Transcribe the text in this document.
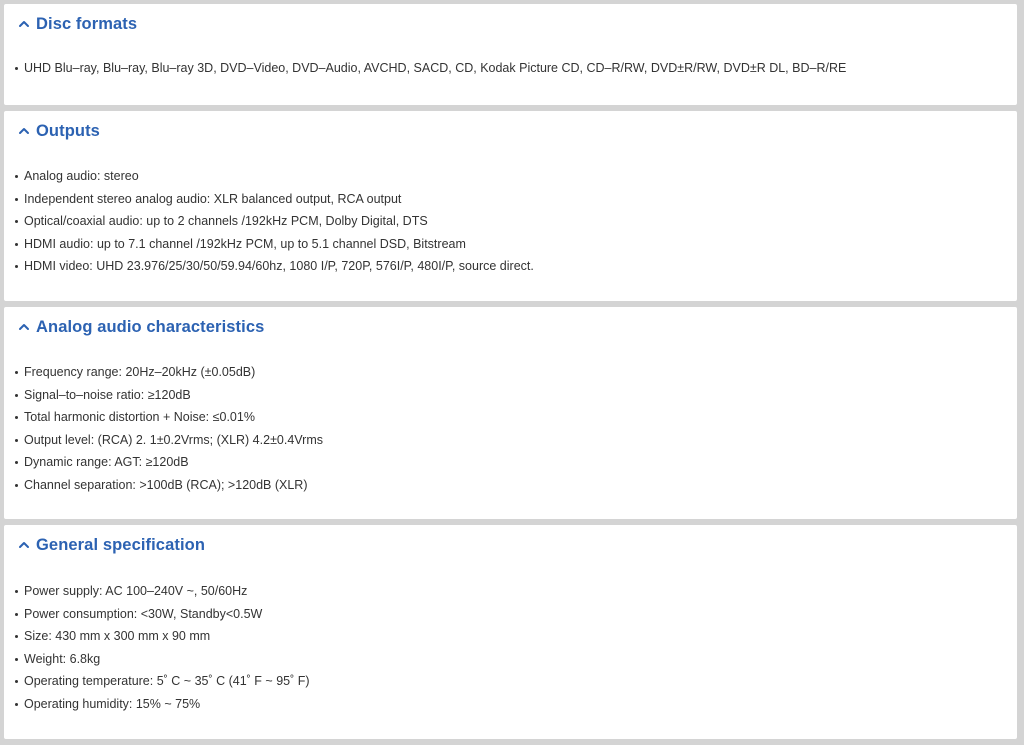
Disc formats
UHD Blu–ray, Blu–ray, Blu–ray 3D, DVD–Video, DVD–Audio, AVCHD, SACD, CD, Kodak Picture CD, CD–R/RW, DVD±R/RW, DVD±R DL, BD–R/RE
Outputs
Analog audio: stereo
Independent stereo analog audio: XLR balanced output, RCA output
Optical/coaxial audio: up to 2 channels /192kHz PCM, Dolby Digital, DTS
HDMI audio: up to 7.1 channel /192kHz PCM, up to 5.1 channel DSD, Bitstream
HDMI video: UHD 23.976/25/30/50/59.94/60hz, 1080 I/P, 720P, 576I/P, 480I/P, source direct.
Analog audio characteristics
Frequency range: 20Hz–20kHz (±0.05dB)
Signal–to–noise ratio: ≥120dB
Total harmonic distortion + Noise: ≤0.01%
Output level: (RCA) 2. 1±0.2Vrms; (XLR) 4.2±0.4Vrms
Dynamic range: AGT: ≥120dB
Channel separation: >100dB (RCA); >120dB (XLR)
General specification
Power supply: AC 100–240V ~, 50/60Hz
Power consumption: <30W, Standby<0.5W
Size: 430 mm x 300 mm x 90 mm
Weight: 6.8kg
Operating temperature: 5˚ C ~ 35˚ C (41˚ F ~ 95˚ F)
Operating humidity: 15% ~ 75%
